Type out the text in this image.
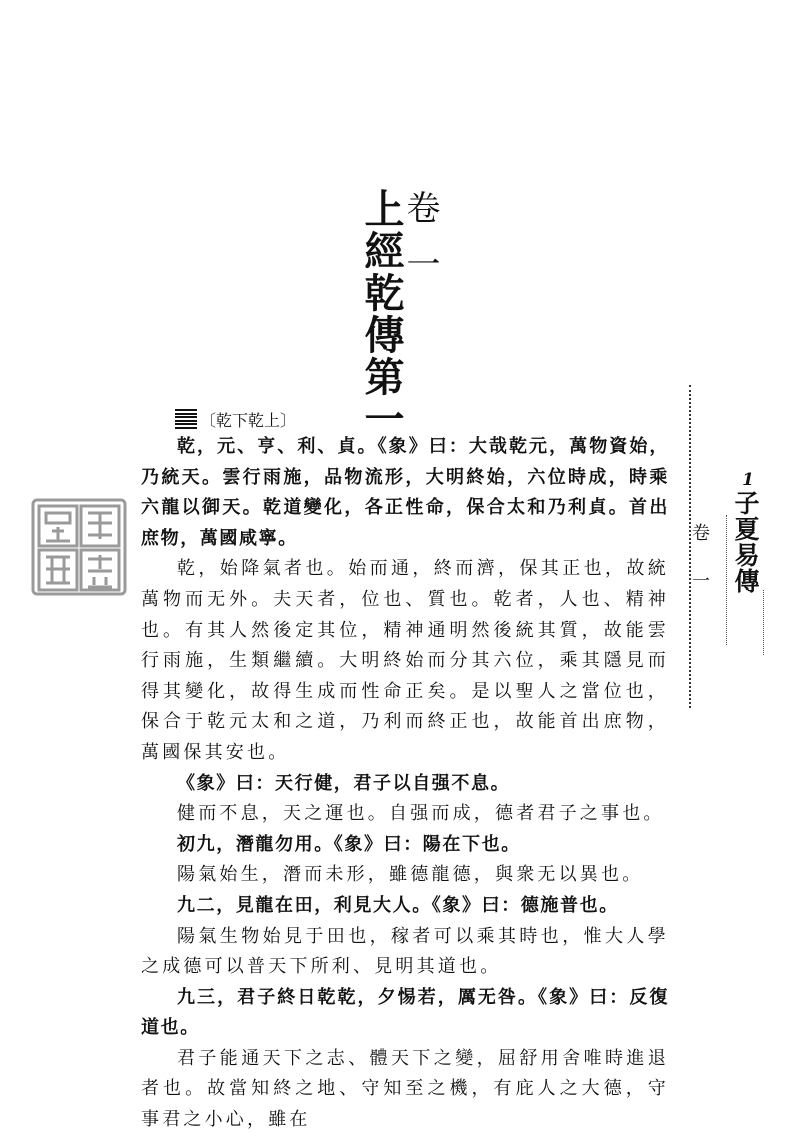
卷一
上經乾傳第一
1
子夏易傳
卷一
〔乾下乾上〕

乾，元、亨、利、貞。《象》曰：大哉乾元，萬物資始，乃統天。雲行雨施，品物流形，大明終始，六位時成，時乘六龍以御天。乾道變化，各正性命，保合太和乃利貞。首出庶物，萬國咸寧。

乾，始降氣者也。始而通，終而濟，保其正也，故統萬物而无外。夫天者，位也、質也。乾者，人也、精神也。有其人然後定其位，精神通明然後統其質，故能雲行雨施，生類繼續。大明終始而分其六位，乘其隱見而得其變化，故得生成而性命正矣。是以聖人之當位也，保合于乾元太和之道，乃利而終正也，故能首出庶物，萬國保其安也。

《象》曰：天行健，君子以自强不息。

健而不息，天之運也。自强而成，德者君子之事也。

初九，潛龍勿用。《象》曰：陽在下也。

陽氣始生，潛而未形，雖德龍德，與衆无以異也。

九二，見龍在田，利見大人。《象》曰：德施普也。

陽氣生物始見于田也，稼者可以乘其時也，惟大人學之成德可以普天下所利、見明其道也。

九三，君子終日乾乾，夕惕若，厲无咎。《象》曰：反復道也。

君子能通天下之志、體天下之變，屈舒用舍唯時進退者也。故當知終之地、守知至之機，有庇人之大德，守事君之小心，雖在
